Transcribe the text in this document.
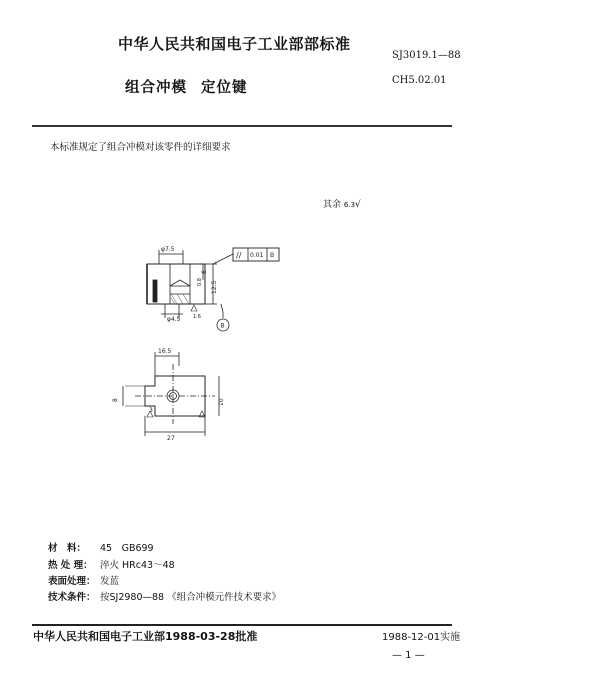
中华人民共和国电子工业部部标准
SJ3019.1—88
CH5.02.01
组合冲模 定位键
本标准规定了组合冲模对该零件的详细要求
其余 6.3√
φ7.5
φ4.5
12.5
6
// 0.01 B
0.8
B
1.6
16.5
27
10
8
3
材　料： 45　GB699
热 处 理： 淬火 HRc43～48
表面处理： 发蓝
技术条件： 按SJ2980—88 《组合冲模元件技术要求》
中华人民共和国电子工业部1988-03-28批准	1988-12-01实施
— 1 —
